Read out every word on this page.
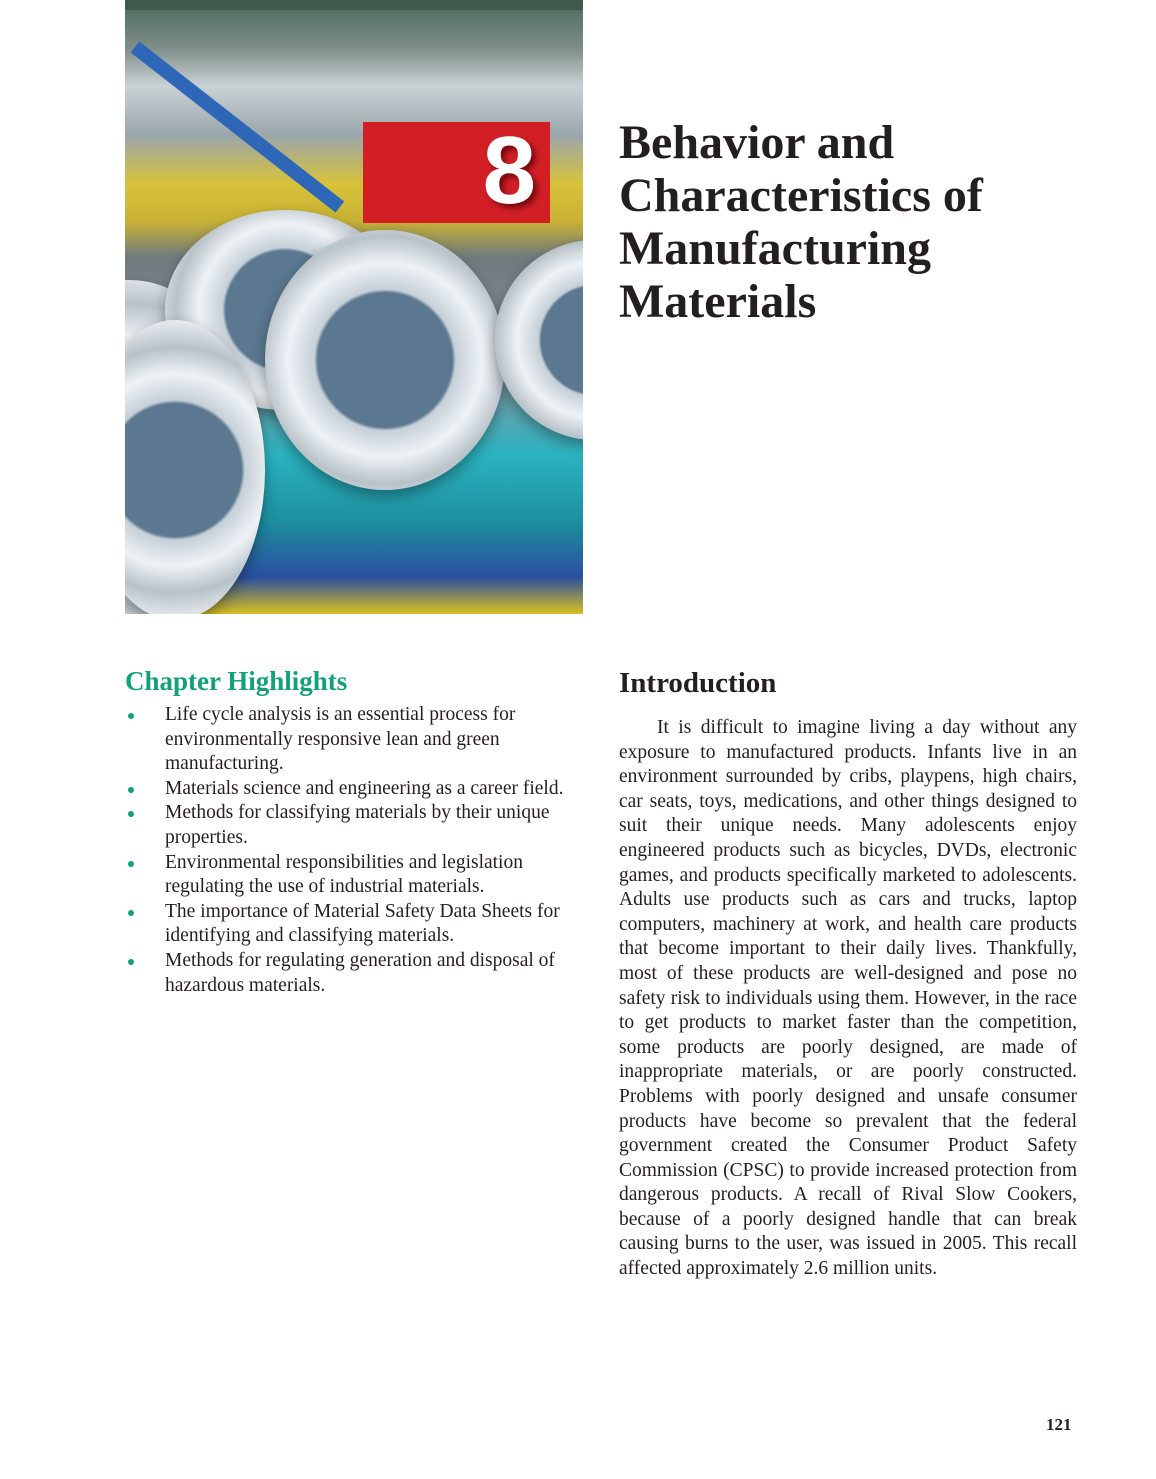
8 Behavior and Characteristics of Manufacturing Materials
Chapter Highlights
Life cycle analysis is an essential process for environmentally responsive lean and green manufacturing.
Materials science and engineering as a career field.
Methods for classifying materials by their unique properties.
Environmental responsibilities and legislation regulating the use of industrial materials.
The importance of Material Safety Data Sheets for identifying and classifying materials.
Methods for regulating generation and disposal of hazardous materials.
Introduction

It is difficult to imagine living a day without any exposure to manufactured products. Infants live in an environment surrounded by cribs, playpens, high chairs, car seats, toys, medications, and other things designed to suit their unique needs. Many adolescents enjoy engineered products such as bicycles, DVDs, electronic games, and products specifically marketed to adolescents. Adults use products such as cars and trucks, laptop computers, machinery at work, and health care products that become important to their daily lives. Thankfully, most of these products are well-designed and pose no safety risk to individuals using them. However, in the race to get products to market faster than the competition, some products are poorly designed, are made of inappropriate materials, or are poorly constructed. Problems with poorly designed and unsafe consumer products have become so prevalent that the federal government created the Consumer Product Safety Commission (CPSC) to provide increased protection from dangerous products. A recall of Rival Slow Cookers, because of a poorly designed handle that can break causing burns to the user, was issued in 2005. This recall affected approximately 2.6 million units.

121
